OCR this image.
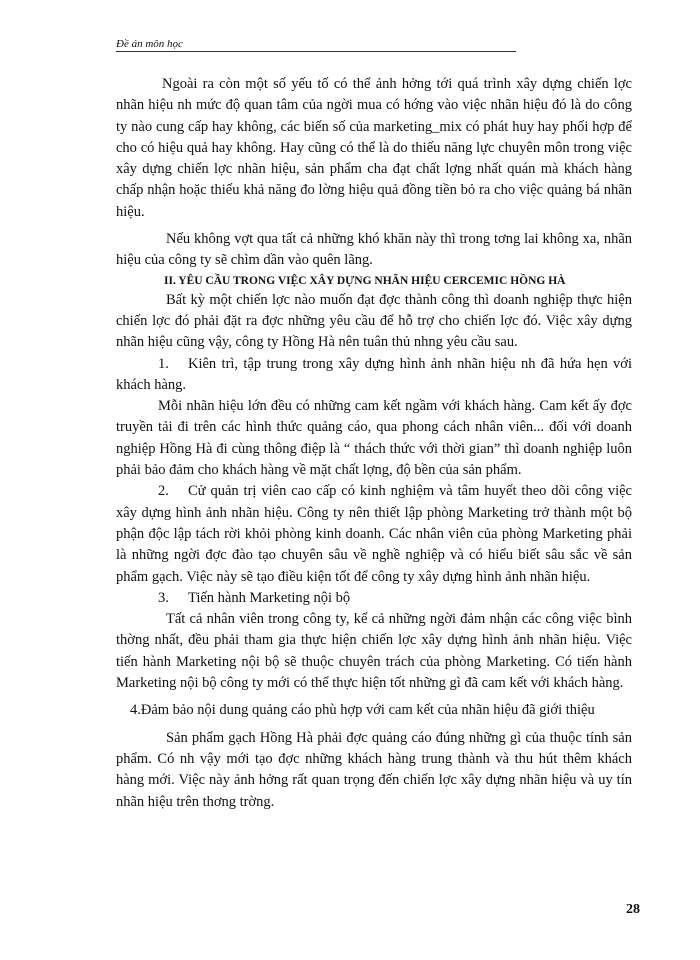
Đề án môn học

Ngoài ra còn một số yếu tố có thể ảnh hởng tới quá trình xây dựng chiến lợc nhãn hiệu nh mức độ quan tâm của ngời mua có hớng vào việc nhãn hiệu đó là do công ty nào cung cấp hay không, các biến số của marketing_mix có phát huy hay phối hợp để cho có hiệu quả hay không. Hay cũng có thể là do thiếu năng lực chuyên môn trong việc xây dựng chiến lợc nhãn hiệu, sản phẩm cha đạt chất lợng nhất quán mà khách hàng chấp nhận hoặc thiếu khả năng đo lờng hiệu quả đồng tiền bỏ ra cho việc quảng bá nhãn hiệu.

Nếu không vợt qua tất cả những khó khăn này thì trong tơng lai không xa, nhãn hiệu của công ty sẽ chìm dần vào quên lãng.

II. YÊU CẦU TRONG VIỆC XÂY DỰNG NHÃN HIỆU CERCEMIC HỒNG HÀ

Bất kỳ một chiến lợc nào muốn đạt đợc thành công thì doanh nghiệp thực hiện chiến lợc đó phải đặt ra đợc những yêu cầu để hỗ trợ cho chiến lợc đó. Việc xây dựng nhãn hiệu cũng vậy, công ty Hồng Hà nên tuân thủ nhng yêu cầu sau.

1. Kiên trì, tập trung trong xây dựng hình ảnh nhãn hiệu nh đã hứa hẹn với khách hàng.

Mỗi nhãn hiệu lớn đều có những cam kết ngầm với khách hàng. Cam kết ấy đợc truyền tải đi trên các hình thức quảng cáo, qua phong cách nhân viên... đối với doanh nghiệp Hồng Hà đi cùng thông điệp là “ thách thức với thời gian” thì doanh nghiệp luôn phải bảo đảm cho khách hàng về mặt chất lợng, độ bền của sản phẩm.

2. Cử quản trị viên cao cấp có kinh nghiệm và tâm huyết theo dõi công việc xây dựng hình ảnh nhãn hiệu. Công ty nên thiết lập phòng Marketing trở thành một bộ phận độc lập tách rời khỏi phòng kinh doanh. Các nhân viên của phòng Marketing phải là những ngời đợc đào tạo chuyên sâu về nghề nghiệp và có hiểu biết sâu sắc về sản phẩm gạch. Việc này sẽ tạo điều kiện tốt để công ty xây dựng hình ảnh nhãn hiệu.

3. Tiến hành Marketing nội bộ

Tất cả nhân viên trong công ty, kể cả những ngời đảm nhận các công việc bình thờng nhất, đều phải tham gia thực hiện chiến lợc xây dựng hình ảnh nhãn hiệu. Việc tiến hành Marketing nội bộ sẽ thuộc chuyên trách của phòng Marketing. Có tiến hành Marketing nội bộ công ty mới có thể thực hiện tốt những gì đã cam kết với khách hàng.

4.Đảm bảo nội dung quảng cáo phù hợp với cam kết của nhãn hiệu đã giới thiệu

Sản phẩm gạch Hồng Hà phải đợc quảng cáo đúng những gì của thuộc tính sản phẩm. Có nh vậy mới tạo đợc những khách hàng trung thành và thu hút thêm khách hàng mới. Việc này ảnh hởng rất quan trọng đến chiến lợc xây dựng nhãn hiệu và uy tín nhãn hiệu trên thơng trờng.

28
